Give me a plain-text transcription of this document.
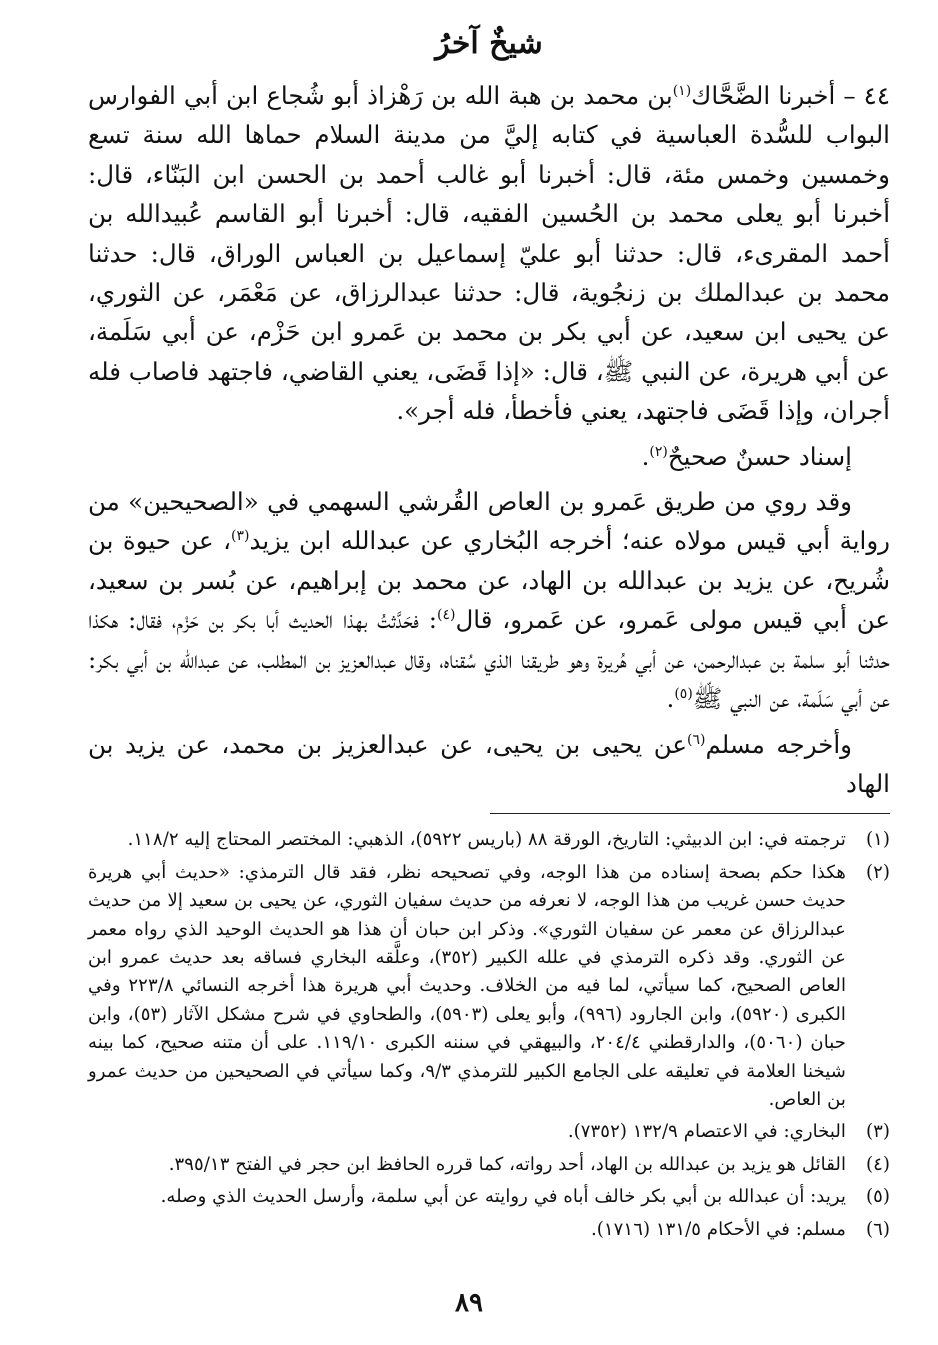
شيخٌ آخرُ

٤٤ – أخبرنا الضَّحَّاك$^{(١)}$بن محمد بن هبة الله بن رَهْزاذ أبو شُجاع ابن أبي الفوارس البواب للسُّدة العباسية في كتابه إليَّ من مدينة السلام حماها الله سنة تسع وخمسين وخمس مئة، قال: أخبرنا أبو غالب أحمد بن الحسن ابن البَنّاء، قال: أخبرنا أبو يعلى محمد بن الحُسين الفقيه، قال: أخبرنا أبو القاسم عُبيدالله بن أحمد المقرىء، قال: حدثنا أبو عليّ إسماعيل بن العباس الوراق، قال: حدثنا محمد بن عبدالملك بن زنجُوية، قال: حدثنا عبدالرزاق، عن مَعْمَر، عن الثوري، عن يحيى ابن سعيد، عن أبي بكر بن محمد بن عَمرو ابن حَزْم، عن أبي سَلَمة، عن أبي هريرة، عن النبي ﷺ، قال: «إذا قَضَى، يعني القاضي، فاجتهد فاصاب فله أجران، وإذا قَضَى فاجتهد، يعني فأخطأ، فله أجر».

إسناد حسنٌ صحيحٌ$^{(٢)}$.

وقد روي من طريق عَمرو بن العاص القُرشي السهمي في «الصحيحين» من رواية أبي قيس مولاه عنه؛ أخرجه البُخاري عن عبدالله ابن يزيد$^{(٣)}$، عن حيوة بن شُريح، عن يزيد بن عبدالله بن الهاد، عن محمد بن إبراهيم، عن بُسر بن سعيد، عن أبي قيس مولى عَمرو، عن عَمرو، قال$^{(٤)}$: فحَدَّثتُ بهذا الحديث أبا بكر بن حَزْم، فقال: هكذا حدثنا أبو سلمة بن عبدالرحمن، عن أبي هُريرة وهو طريقنا الذي سُقناه، وقال عبدالعزيز بن المطلب، عن عبدالله بن أبي بكر: عن أبي سَلَمة، عن النبي ﷺ$^{(٥)}$.

وأخرجه مسلم$^{(٦)}$عن يحيى بن يحيى، عن عبدالعزيز بن محمد، عن يزيد بن الهاد

(١)
ترجمته في: ابن الدبيثي: التاريخ، الورقة ٨٨ (باريس ٥٩٢٢)، الذهبي: المختصر المحتاج إليه ١١٨/٢.
(٢)
هكذا حكم بصحة إسناده من هذا الوجه، وفي تصحيحه نظر، فقد قال الترمذي: «حديث أبي هريرة حديث حسن غريب من هذا الوجه، لا نعرفه من حديث سفيان الثوري، عن يحيى بن سعيد إلا من حديث عبدالرزاق عن معمر عن سفيان الثوري». وذكر ابن حبان أن هذا هو الحديث الوحيد الذي رواه معمر عن الثوري. وقد ذكره الترمذي في علله الكبير (٣٥٢)، وعلَّقه البخاري فساقه بعد حديث عمرو ابن العاص الصحيح، كما سيأتي، لما فيه من الخلاف. وحديث أبي هريرة هذا أخرجه النسائي ٢٢٣/٨ وفي الكبرى (٥٩٢٠)، وابن الجارود (٩٩٦)، وأبو يعلى (٥٩٠٣)، والطحاوي في شرح مشكل الآثار (٥٣)، وابن حبان (٥٠٦٠)، والدارقطني ٢٠٤/٤، والبيهقي في سننه الكبرى ١١٩/١٠. على أن متنه صحيح، كما بينه شيخنا العلامة في تعليقه على الجامع الكبير للترمذي ٩/٣، وكما سيأتي في الصحيحين من حديث عمرو بن العاص.
(٣)
البخاري: في الاعتصام ١٣٢/٩ (٧٣٥٢).
(٤)
القائل هو يزيد بن عبدالله بن الهاد، أحد رواته، كما قرره الحافظ ابن حجر في الفتح ٣٩٥/١٣.
(٥)
يريد: أن عبدالله بن أبي بكر خالف أباه في روايته عن أبي سلمة، وأرسل الحديث الذي وصله.
(٦)
مسلم: في الأحكام ١٣١/٥ (١٧١٦).
٨٩
